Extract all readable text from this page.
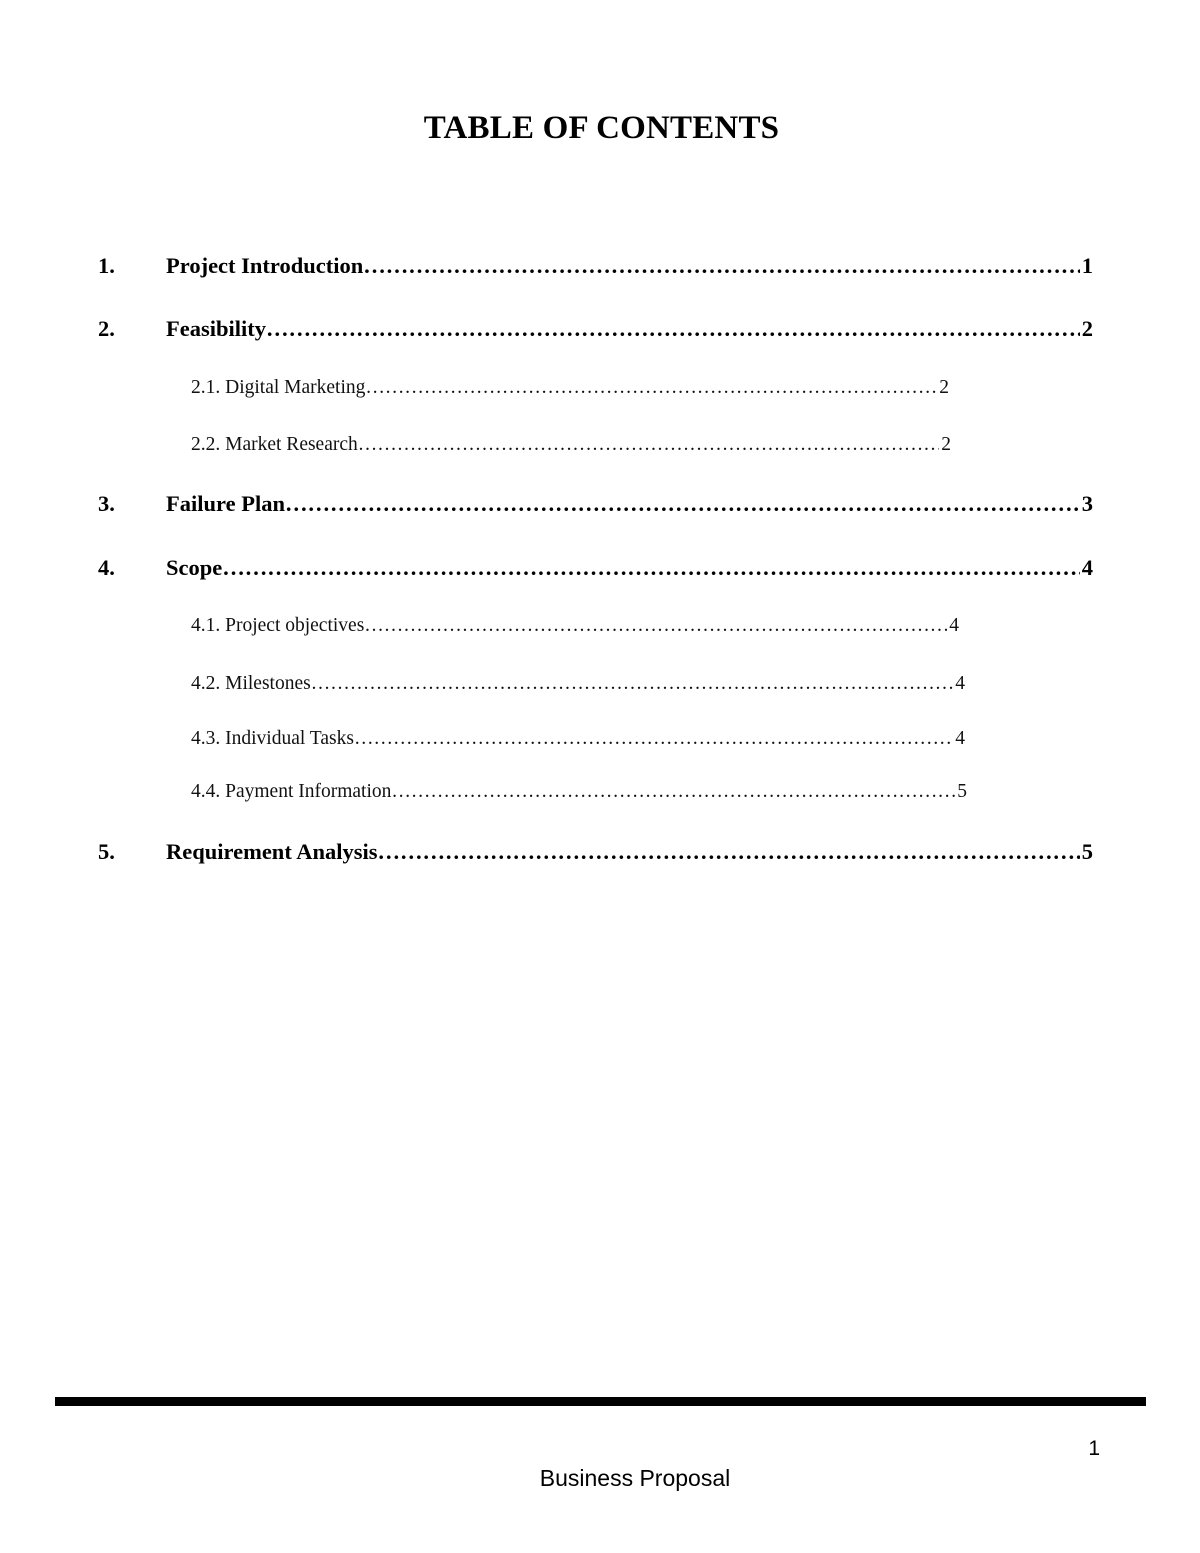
TABLE OF CONTENTS
1.	Project Introduction ……………………………………………………………………………………………………………………………………………………………………………………	1
2.	Feasibility ……………………………………………………………………………………………………………………………………………………………………………………	2
2.1. Digital Marketing ……………………………………………………………………………………………………………………………………………………………………………………	2
2.2. Market Research ……………………………………………………………………………………………………………………………………………………………………………………	2
3.	Failure Plan ……………………………………………………………………………………………………………………………………………………………………………………	3
4.	Scope ……………………………………………………………………………………………………………………………………………………………………………………	4
4.1. Project objectives ……………………………………………………………………………………………………………………………………………………………………………………	4
4.2. Milestones ……………………………………………………………………………………………………………………………………………………………………………………	4
4.3. Individual Tasks ……………………………………………………………………………………………………………………………………………………………………………………	4
4.4. Payment Information ……………………………………………………………………………………………………………………………………………………………………………………	5
5.	Requirement Analysis ……………………………………………………………………………………………………………………………………………………………………………………	5
1
Business Proposal
